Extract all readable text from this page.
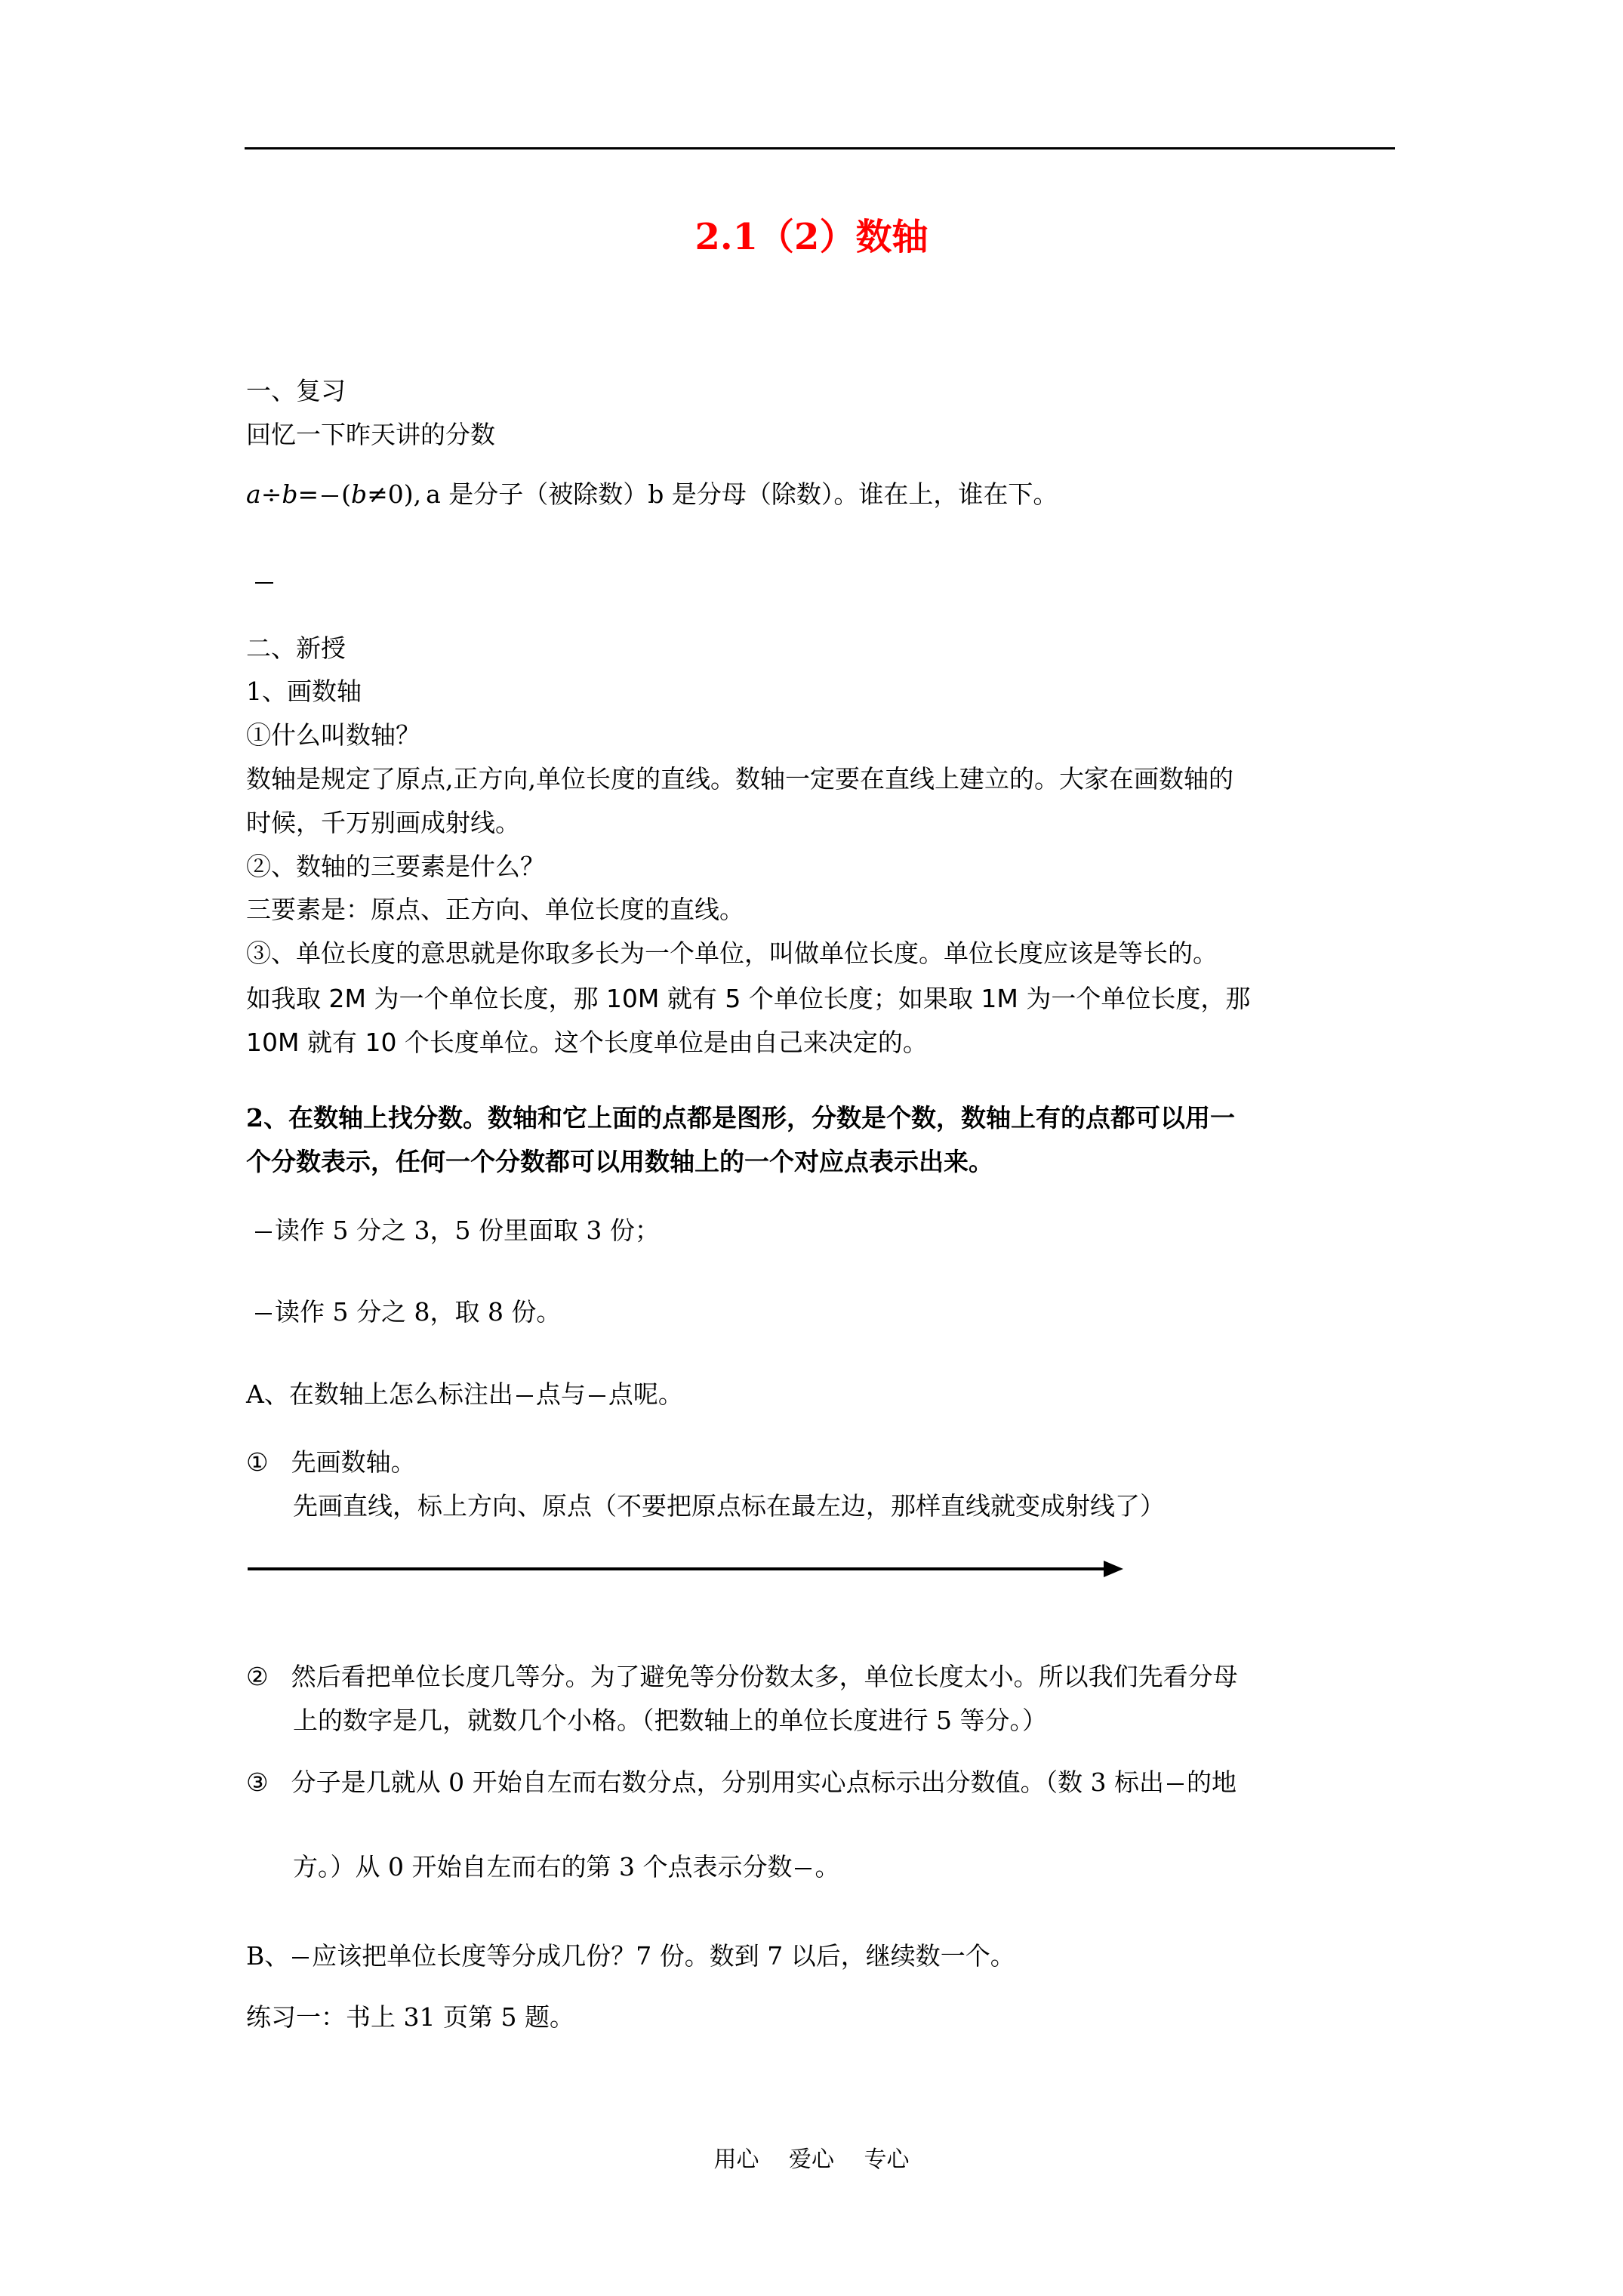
2.1（2）数轴
一、复习
回忆一下昨天讲的分数
a÷b= (b≠0), a 是分子（被除数）b 是分母（除数）。谁在上，谁在下。
二、新授
1、画数轴
①什么叫数轴？
数轴是规定了原点,正方向,单位长度的直线。数轴一定要在直线上建立的。大家在画数轴的
时候，千万别画成射线。
②、数轴的三要素是什么？
三要素是：原点、正方向、单位长度的直线。
③、单位长度的意思就是你取多长为一个单位，叫做单位长度。单位长度应该是等长的。
如我取 2M 为一个单位长度，那 10M 就有 5 个单位长度；如果取 1M 为一个单位长度，那
10M 就有 10 个长度单位。这个长度单位是由自己来决定的。
2、在数轴上找分数。数轴和它上面的点都是图形，分数是个数，数轴上有的点都可以用一
个分数表示，任何一个分数都可以用数轴上的一个对应点表示出来。
读作 5 分之 3，5 份里面取 3 份；
读作 5 分之 8，取 8 份。
A、在数轴上怎么标注出 点与 点呢。
① 先画数轴。
先画直线，标上方向、原点（不要把原点标在最左边，那样直线就变成射线了）
② 然后看把单位长度几等分。为了避免等分份数太多，单位长度太小。所以我们先看分母
上的数字是几，就数几个小格。（把数轴上的单位长度进行 5 等分。）
③ 分子是几就从 0 开始自左而右数分点，分别用实心点标示出分数值。（数 3 标出 的地
方。）从 0 开始自左而右的第 3 个点表示分数 。
B、 应该把单位长度等分成几份？7 份。数到 7 以后，继续数一个。
练习一：书上 31 页第 5 题。
用心 爱心 专心
